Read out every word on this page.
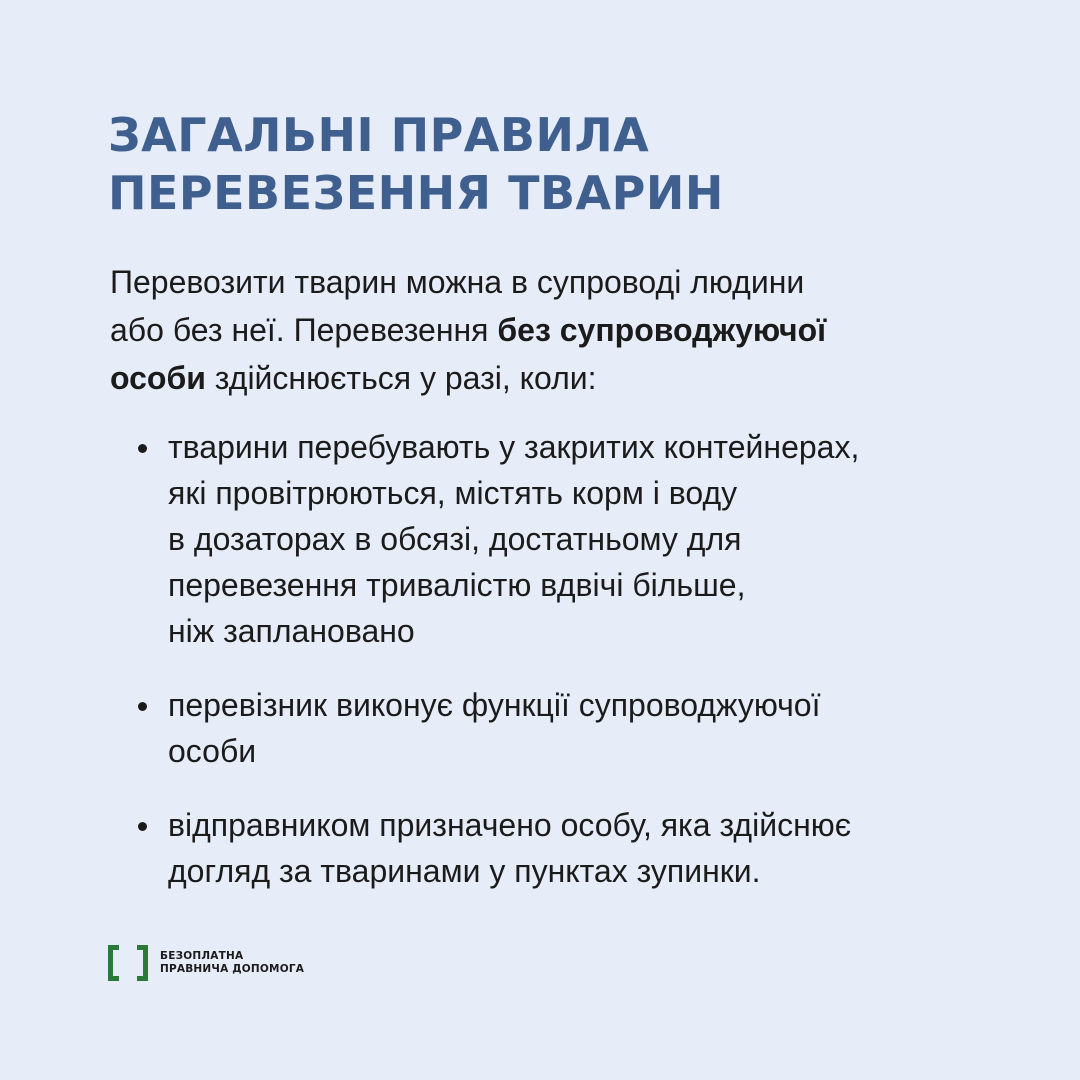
ЗАГАЛЬНІ ПРАВИЛА
ПЕРЕВЕЗЕННЯ ТВАРИН

Перевозити тварин можна в супроводі людини
або без неї. Перевезення без супроводжуючої
особи здійснюється у разі, коли:

тварини перебувають у закритих контейнерах,
які провітрюються, містять корм і воду
в дозаторах в обсязі, достатньому для
перевезення тривалістю вдвічі більше,
ніж заплановано
перевізник виконує функції супроводжуючої
особи
відправником призначено особу, яка здійснює
догляд за тваринами у пунктах зупинки.
БЕЗОПЛАТНА
ПРАВНИЧА ДОПОМОГА
